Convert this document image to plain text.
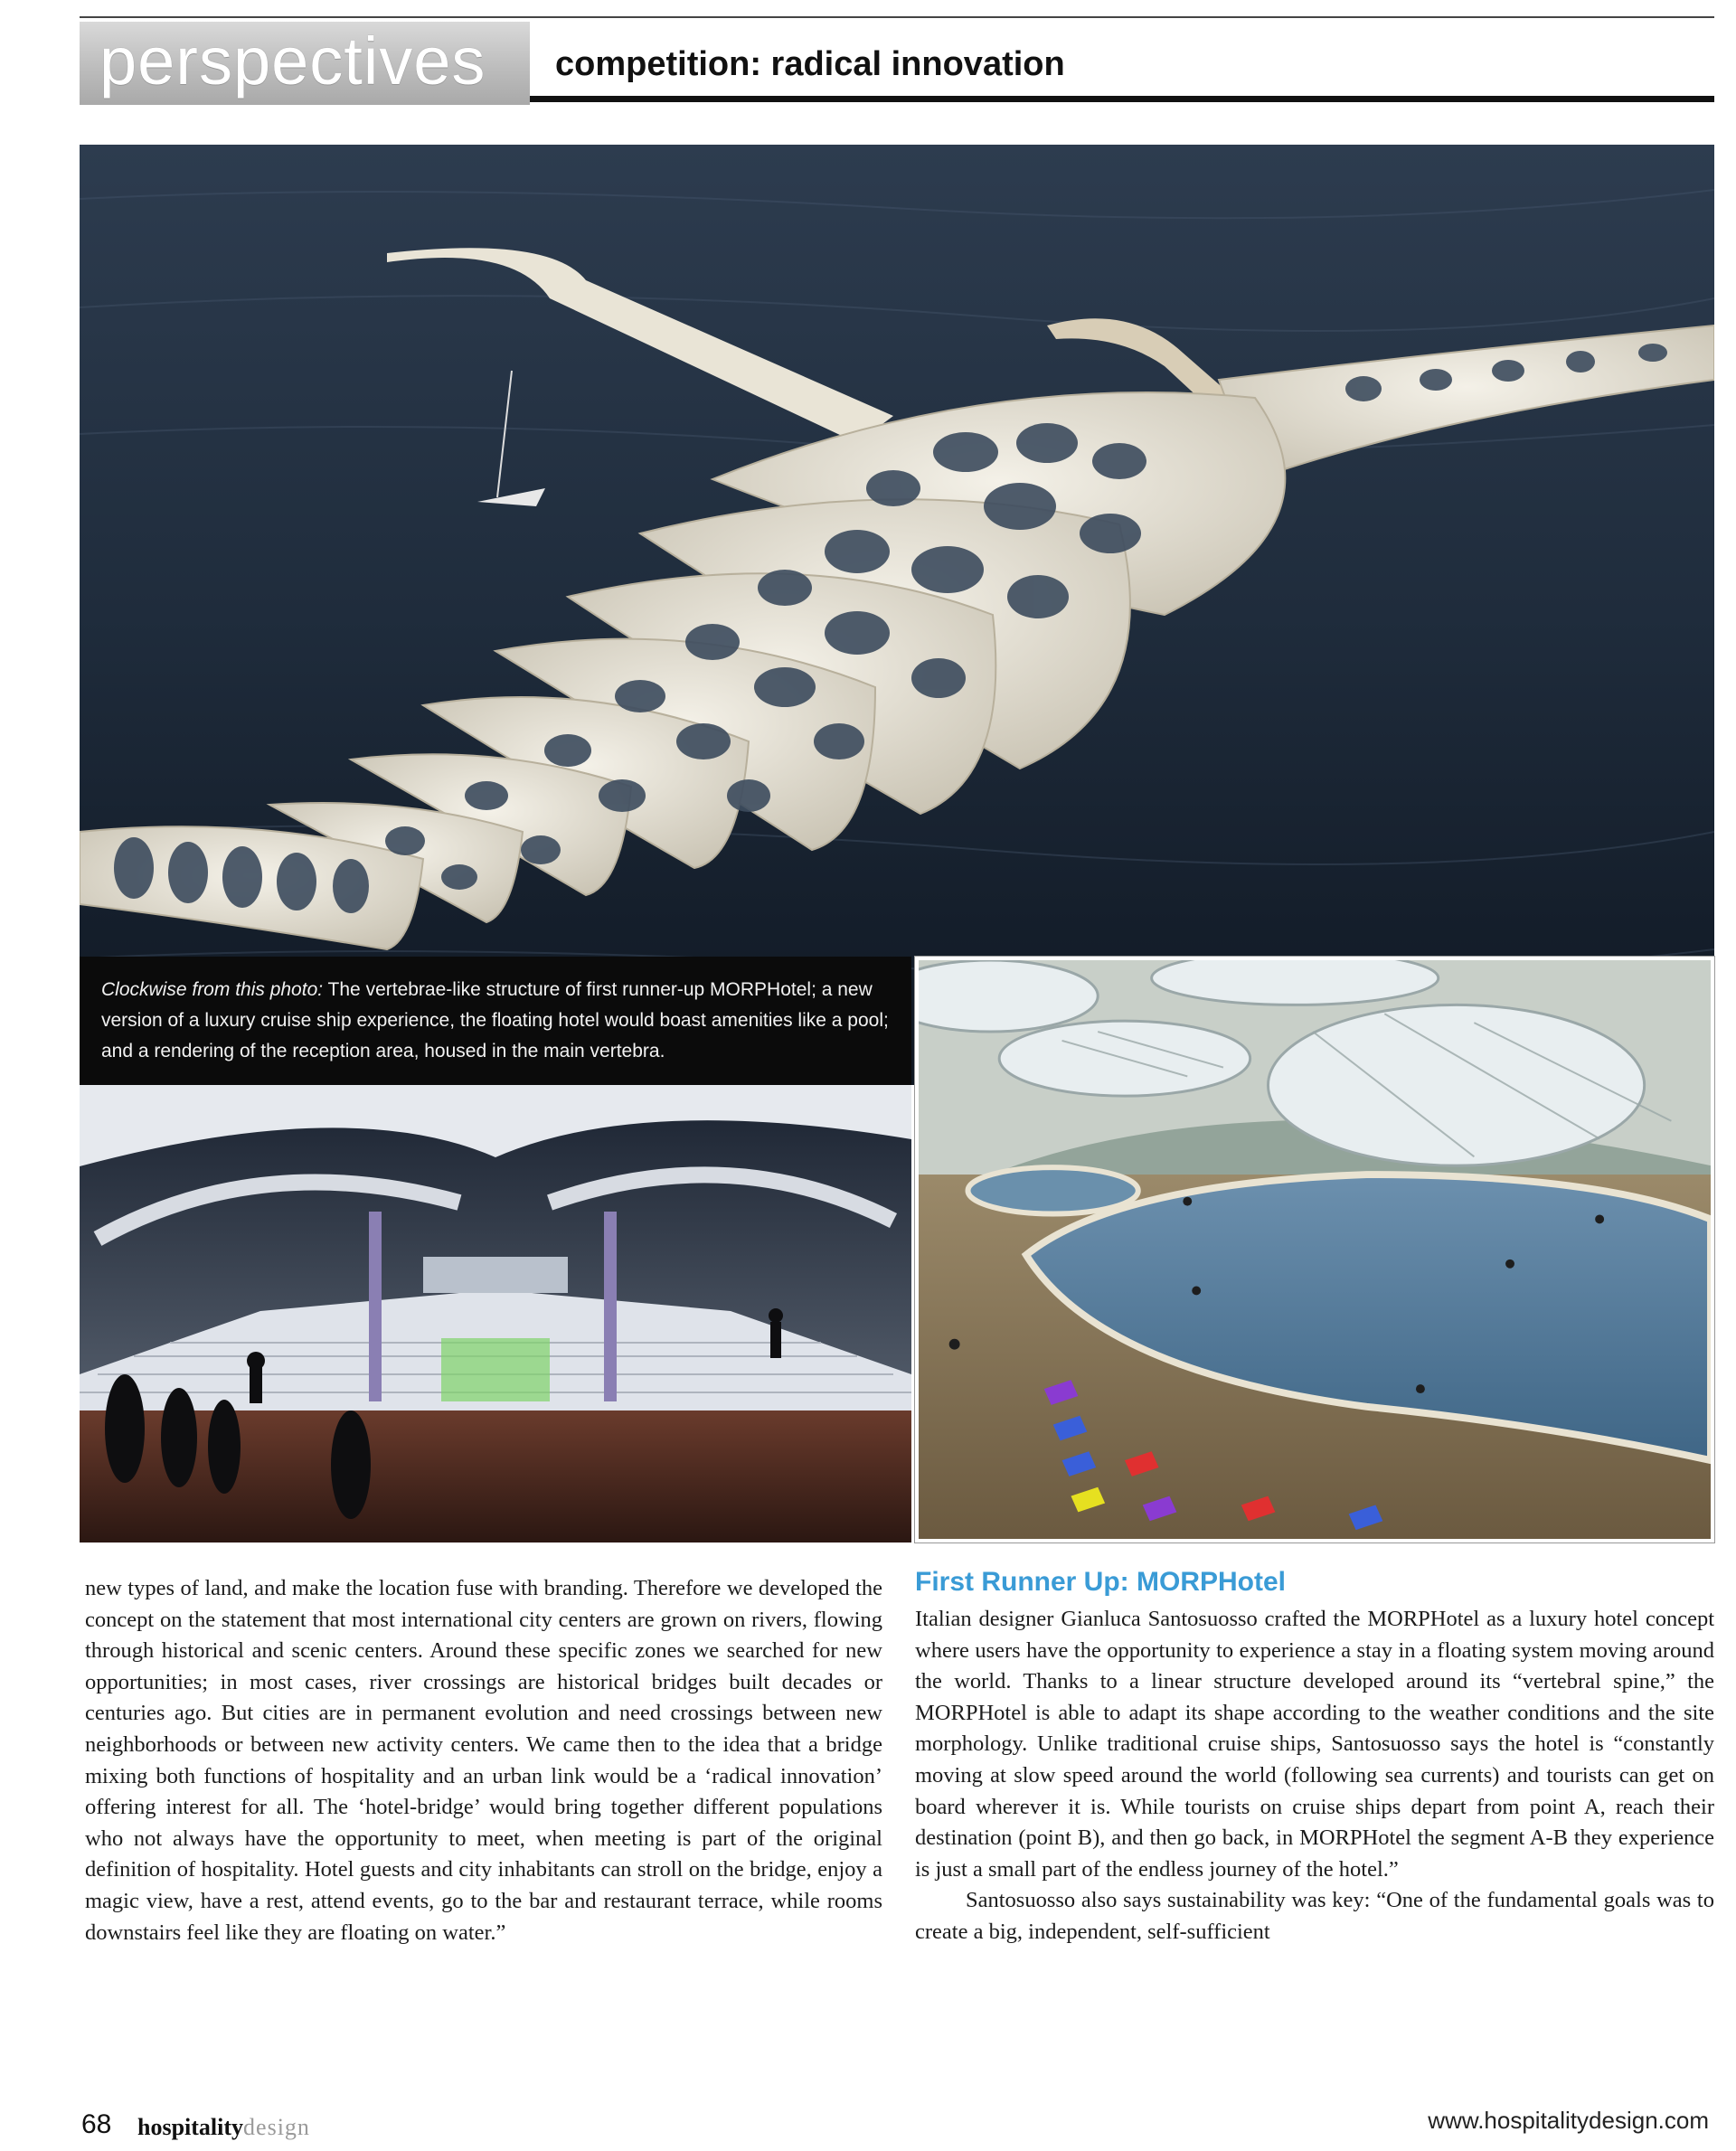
perspectives competition: radical innovation
Clockwise from this photo: The vertebrae-like structure of first runner-up MORPHotel; a new version of a luxury cruise ship experience, the floating hotel would boast amenities like a pool; and a rendering of the reception area, housed in the main vertebra.
new types of land, and make the location fuse with branding. Therefore we developed the concept on the statement that most international city centers are grown on rivers, flowing through historical and scenic centers. Around these specific zones we searched for new opportunities; in most cases, river crossings are historical bridges built decades or centuries ago. But cities are in permanent evolution and need crossings between new neighborhoods or between new activity centers. We came then to the idea that a bridge mixing both functions of hospitality and an urban link would be a ‘radical innovation’ offering interest for all. The ‘hotel-bridge’ would bring together different populations who not always have the opportunity to meet, when meeting is part of the original definition of hospitality. Hotel guests and city inhabitants can stroll on the bridge, enjoy a magic view, have a rest, attend events, go to the bar and restaurant terrace, while rooms downstairs feel like they are floating on water.”
First Runner Up: MORPHotel

Italian designer Gianluca Santosuosso crafted the MORPHotel as a luxury hotel concept where users have the opportunity to experience a stay in a floating system moving around the world. Thanks to a linear structure developed around its “vertebral spine,” the MORPHotel is able to adapt its shape according to the weather conditions and the site morphology. Unlike traditional cruise ships, Santosuosso says the hotel is “constantly moving at slow speed around the world (following sea currents) and tourists can get on board wherever it is. While tourists on cruise ships depart from point A, reach their destination (point B), and then go back, in MORPHotel the segment A-B they experience is just a small part of the endless journey of the hotel.”

Santosuosso also says sustainability was key: “One of the fundamental goals was to create a big, independent, self-sufficient

68 hospitalitydesign	www.hospitalitydesign.com
